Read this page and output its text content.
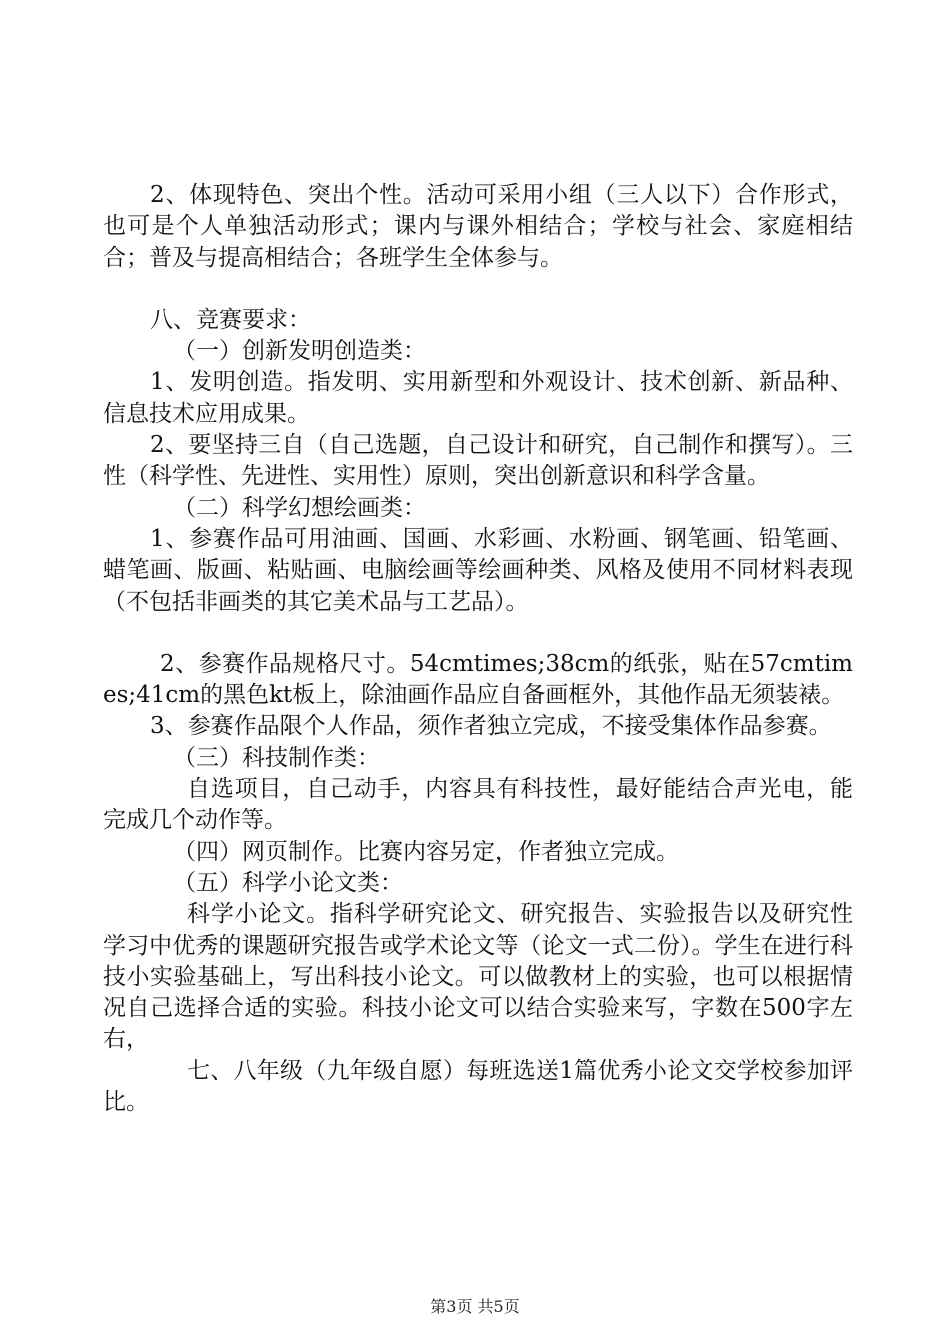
2、体现特色、突出个性。活动可采用小组（三人以下）合作形式，也可是个人单独活动形式；课内与课外相结合；学校与社会、家庭相结合；普及与提高相结合；各班学生全体参与。

八、竞赛要求：

（一）创新发明创造类：

1、发明创造。指发明、实用新型和外观设计、技术创新、新品种、信息技术应用成果。

2、要坚持三自（自己选题，自己设计和研究，自己制作和撰写）。三性（科学性、先进性、实用性）原则，突出创新意识和科学含量。

（二）科学幻想绘画类：

1、参赛作品可用油画、国画、水彩画、水粉画、钢笔画、铅笔画、蜡笔画、版画、粘贴画、电脑绘画等绘画种类、风格及使用不同材料表现（不包括非画类的其它美术品与工艺品）。

2、参赛作品规格尺寸。54cmtimes;38cm的纸张，贴在57cmtimes;41cm的黑色kt板上，除油画作品应自备画框外，其他作品无须装裱。

3、参赛作品限个人作品，须作者独立完成，不接受集体作品参赛。

（三）科技制作类：

自选项目，自己动手，内容具有科技性，最好能结合声光电，能完成几个动作等。

（四）网页制作。比赛内容另定，作者独立完成。

（五）科学小论文类：

科学小论文。指科学研究论文、研究报告、实验报告以及研究性学习中优秀的课题研究报告或学术论文等（论文一式二份）。学生在进行科技小实验基础上，写出科技小论文。可以做教材上的实验，也可以根据情况自己选择合适的实验。科技小论文可以结合实验来写，字数在500字左右，

七、八年级（九年级自愿）每班选送1篇优秀小论文交学校参加评比。

第3页 共5页
